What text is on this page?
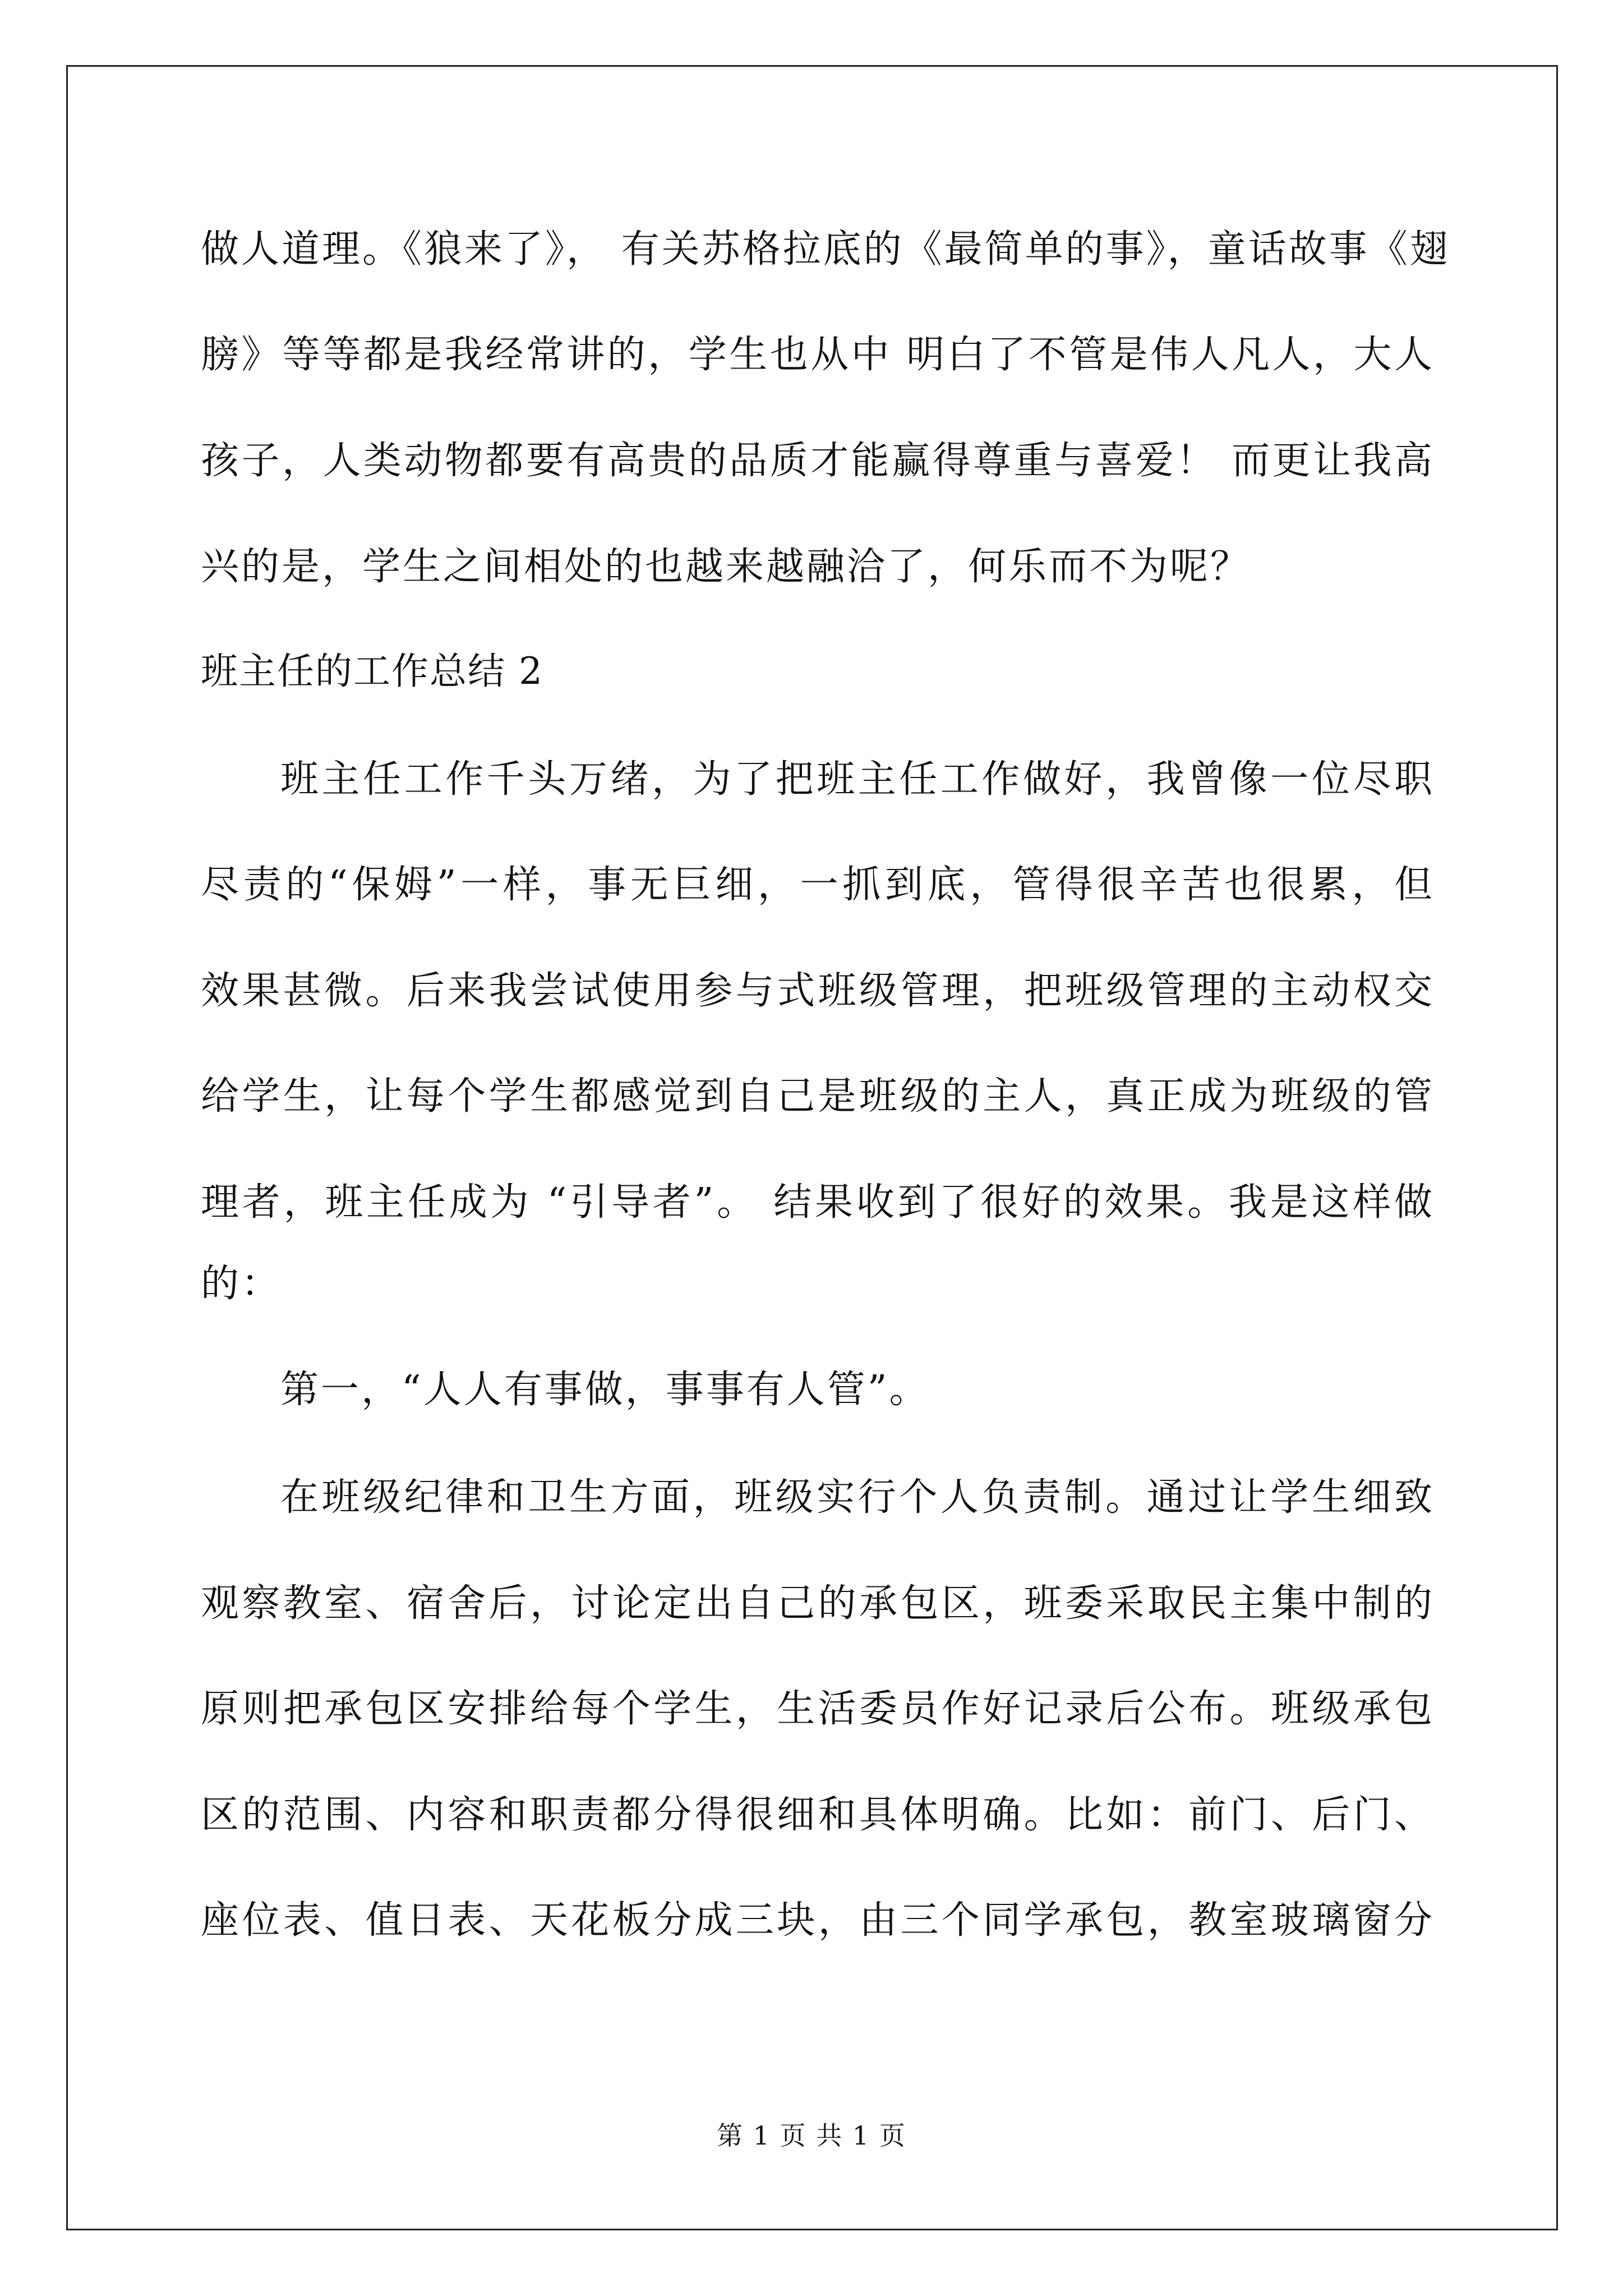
做人道理。《狼来了》， 有关苏格拉底的《最简单的事》，童话故事《翅
膀》等等都是我经常讲的，学生也从中 明白了不管是伟人凡人，大人
孩子，人类动物都要有高贵的品质才能赢得尊重与喜爱！ 而更让我高
兴的是，学生之间相处的也越来越融洽了，何乐而不为呢？
班主任的工作总结 2
班主任工作千头万绪，为了把班主任工作做好，我曾像一位尽职
尽责的“保姆”一样，事无巨细，一抓到底，管得很辛苦也很累，但
效果甚微。后来我尝试使用参与式班级管理，把班级管理的主动权交
给学生，让每个学生都感觉到自己是班级的主人，真正成为班级的管
理者，班主任成为 “引导者”。 结果收到了很好的效果。我是这样做
的：
第一，“人人有事做，事事有人管”。
在班级纪律和卫生方面，班级实行个人负责制。通过让学生细致
观察教室、宿舍后，讨论定出自己的承包区，班委采取民主集中制的
原则把承包区安排给每个学生，生活委员作好记录后公布。班级承包
区的范围、内容和职责都分得很细和具体明确。比如：前门、后门、
座位表、值日表、天花板分成三块，由三个同学承包，教室玻璃窗分
第 1 页 共 1 页
